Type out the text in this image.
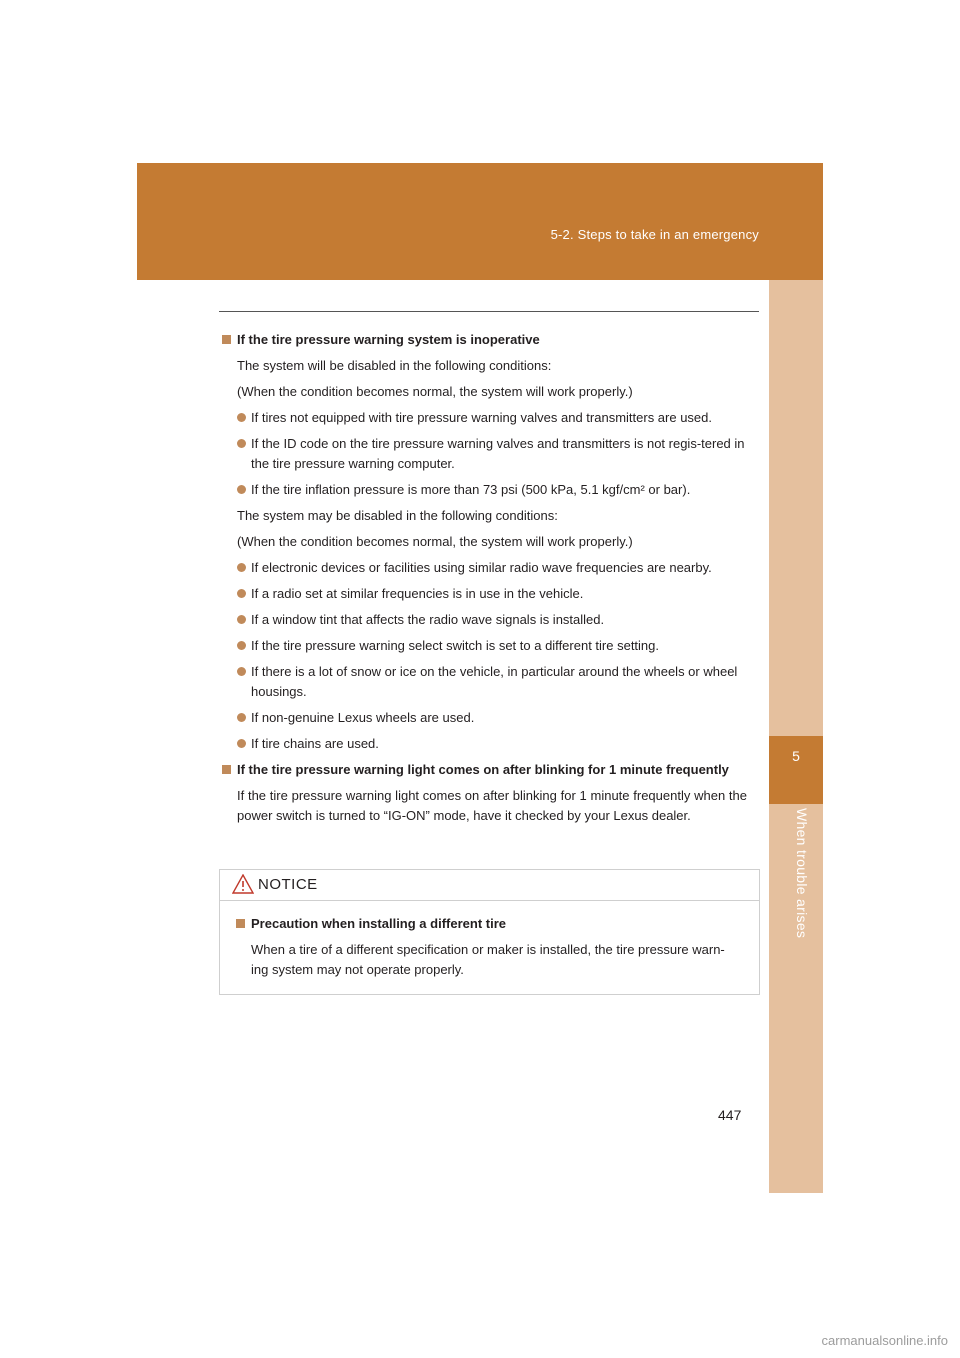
5-2. Steps to take in an emergency
5
When trouble arises
If the tire pressure warning system is inoperative
The system will be disabled in the following conditions:
(When the condition becomes normal, the system will work properly.)
If tires not equipped with tire pressure warning valves and transmitters are used.
If the ID code on the tire pressure warning valves and transmitters is not regis-tered in the tire pressure warning computer.
If the tire inflation pressure is more than 73 psi (500 kPa, 5.1 kgf/cm² or bar).
The system may be disabled in the following conditions:
(When the condition becomes normal, the system will work properly.)
If electronic devices or facilities using similar radio wave frequencies are nearby.
If a radio set at similar frequencies is in use in the vehicle.
If a window tint that affects the radio wave signals is installed.
If the tire pressure warning select switch is set to a different tire setting.
If there is a lot of snow or ice on the vehicle, in particular around the wheels or wheel housings.
If non-genuine Lexus wheels are used.
If tire chains are used.
If the tire pressure warning light comes on after blinking for 1 minute frequently
If the tire pressure warning light comes on after blinking for 1 minute frequently when the power switch is turned to “IG-ON” mode, have it checked by your Lexus dealer.
NOTICE
Precaution when installing a different tire
When a tire of a different specification or maker is installed, the tire pressure warn-ing system may not operate properly.
447
carmanualsonline.info
